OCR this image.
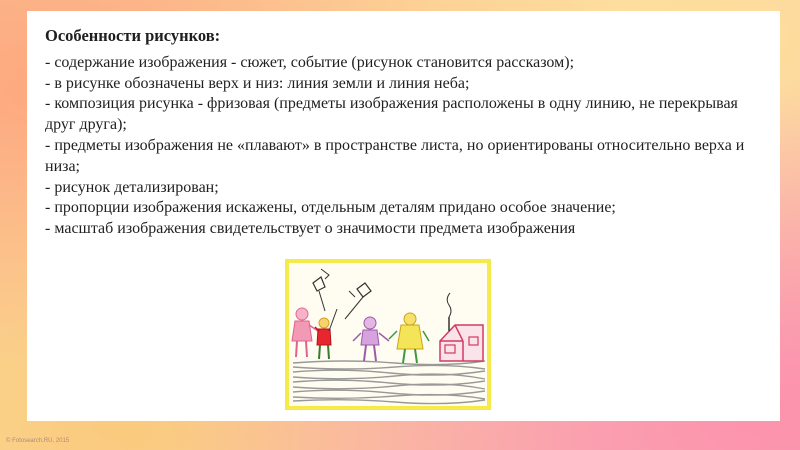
Особенности рисунков:

- содержание изображения - сюжет, событие (рисунок становится рассказом);

- в рисунке обозначены верх и низ: линия земли и линия неба;

- композиция рисунка - фризовая (предметы изображения расположены в одну линию, не перекрывая друг друга);

- предметы изображения не «плавают» в пространстве листа, но ориентированы относительно верха и низа;

- рисунок детализирован;

- пропорции изображения искажены, отдельным деталям придано особое значение;

- масштаб изображения свидетельствует о значимости предмета изображения

© Fotosearch.RU, 2015
